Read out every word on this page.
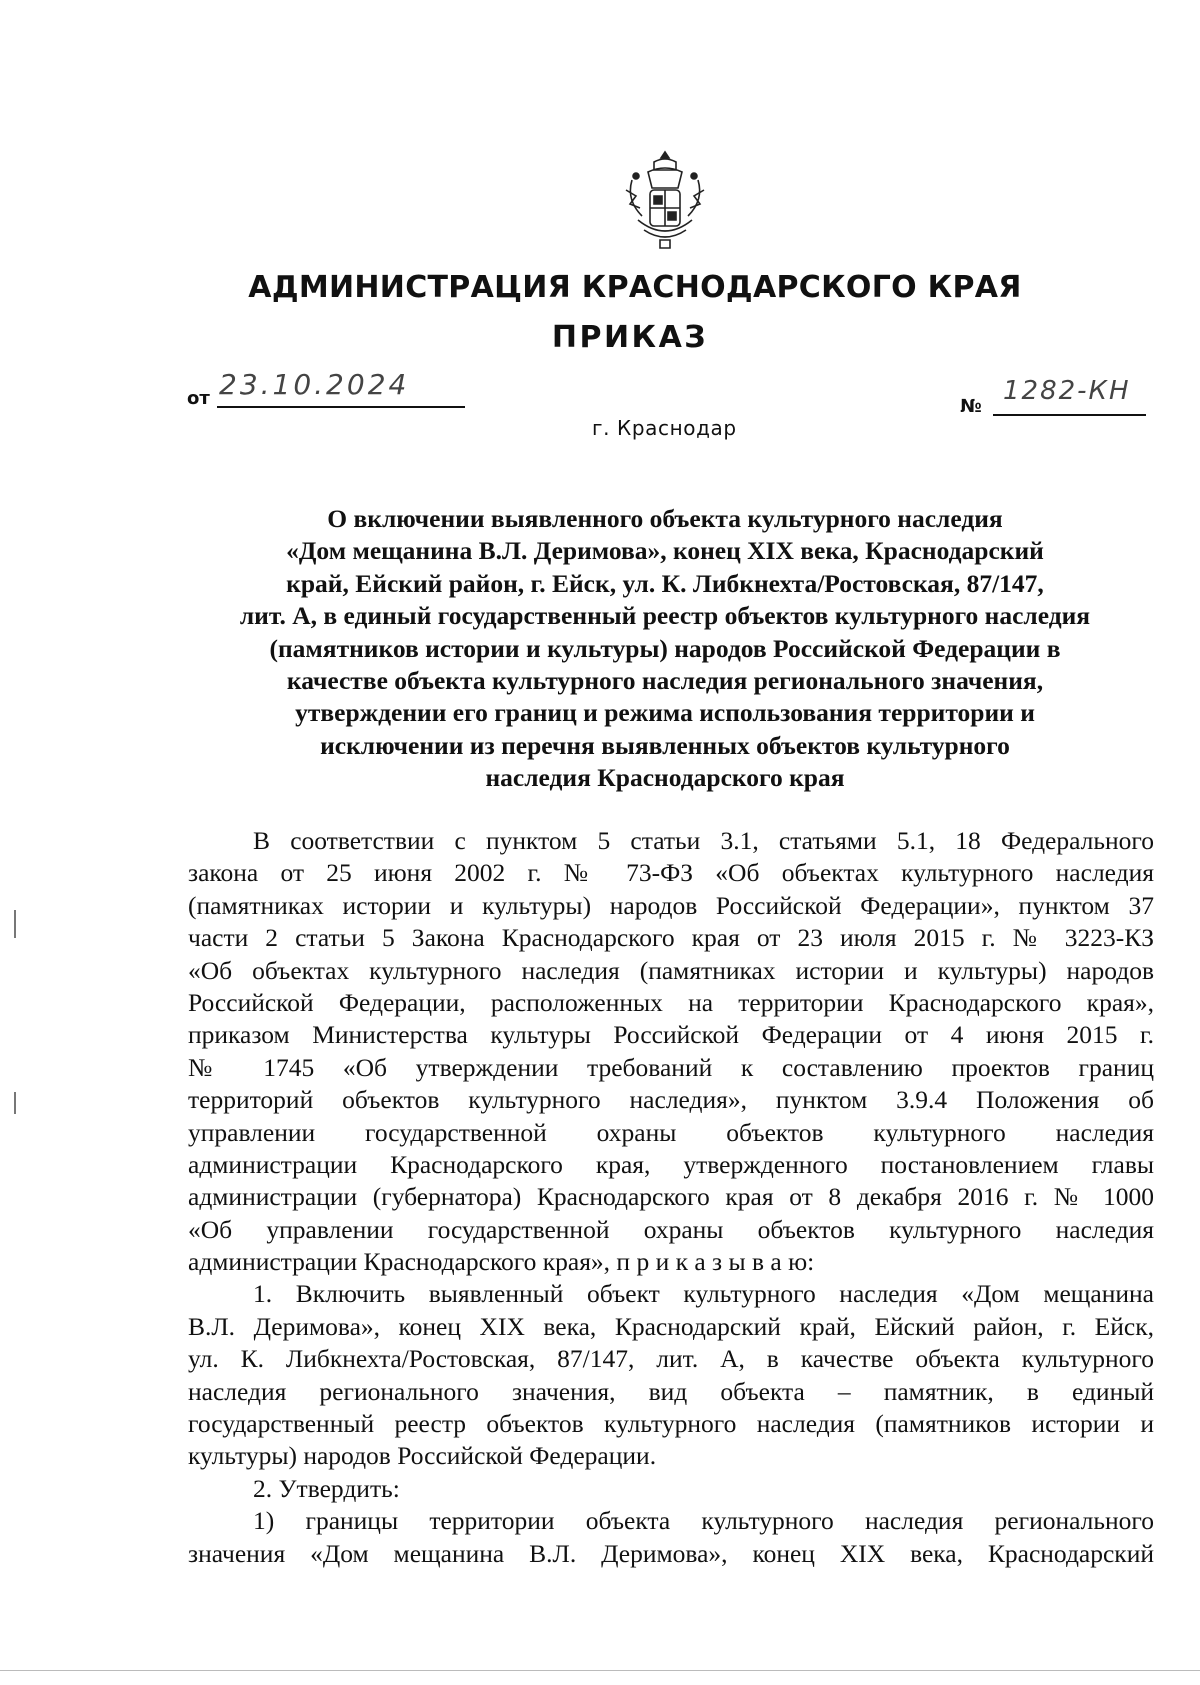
АДМИНИСТРАЦИЯ КРАСНОДАРСКОГО КРАЯ
ПРИКАЗ
от 23.10.2024
г. Краснодар
№
1282-КН
О включении выявленного объекта культурного наследия
«Дом мещанина В.Л. Деримова», конец XIX века, Краснодарский
край, Ейский район, г. Ейск, ул. К. Либкнехта/Ростовская, 87/147,
лит. А, в единый государственный реестр объектов культурного наследия
(памятников истории и культуры) народов Российской Федерации в
качестве объекта культурного наследия регионального значения,
утверждении его границ и режима использования территории и
исключении из перечня выявленных объектов культурного
наследия Краснодарского края
В соответствии с пунктом 5 статьи 3.1, статьями 5.1, 18 Федерального
закона от 25 июня 2002 г. № 73-ФЗ «Об объектах культурного наследия
(памятниках истории и культуры) народов Российской Федерации», пунктом 37
части 2 статьи 5 Закона Краснодарского края от 23 июля 2015 г. № 3223-КЗ
«Об объектах культурного наследия (памятниках истории и культуры) народов
Российской Федерации, расположенных на территории Краснодарского края»,
приказом Министерства культуры Российской Федерации от 4 июня 2015 г.
№ 1745 «Об утверждении требований к составлению проектов границ
территорий объектов культурного наследия», пунктом 3.9.4 Положения об
управлении государственной охраны объектов культурного наследия
администрации Краснодарского края, утвержденного постановлением главы
администрации (губернатора) Краснодарского края от 8 декабря 2016 г. № 1000
«Об управлении государственной охраны объектов культурного наследия
администрации Краснодарского края», п р и к а з ы в а ю:
1. Включить выявленный объект культурного наследия «Дом мещанина
В.Л. Деримова», конец XIX века, Краснодарский край, Ейский район, г. Ейск,
ул. К. Либкнехта/Ростовская, 87/147, лит. А, в качестве объекта культурного
наследия регионального значения, вид объекта – памятник, в единый
государственный реестр объектов культурного наследия (памятников истории и
культуры) народов Российской Федерации.
2. Утвердить:
1) границы территории объекта культурного наследия регионального
значения «Дом мещанина В.Л. Деримова», конец XIX века, Краснодарский
